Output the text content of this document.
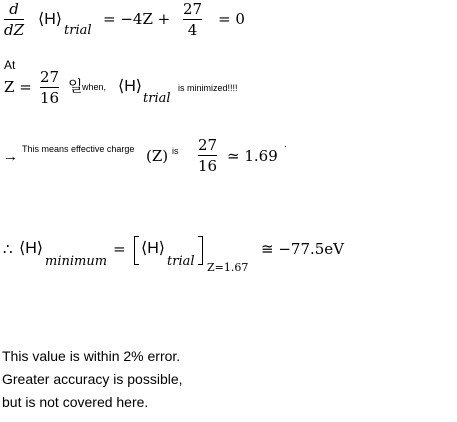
d
dZ
⟨H⟩
trial
= −4Z +
27
4
= 0
At
Z =
27
16
일 when, ⟨H⟩
trial
is minimized!!!!
→ This means effective charge (Z) is 27
16
≃ 1.69
.
∴ ⟨H⟩
minimum
= ⟨H⟩
trial Z=1.67
≅ −77.5eV
This value is within 2% error.
Greater accuracy is possible,
but is not covered here.
